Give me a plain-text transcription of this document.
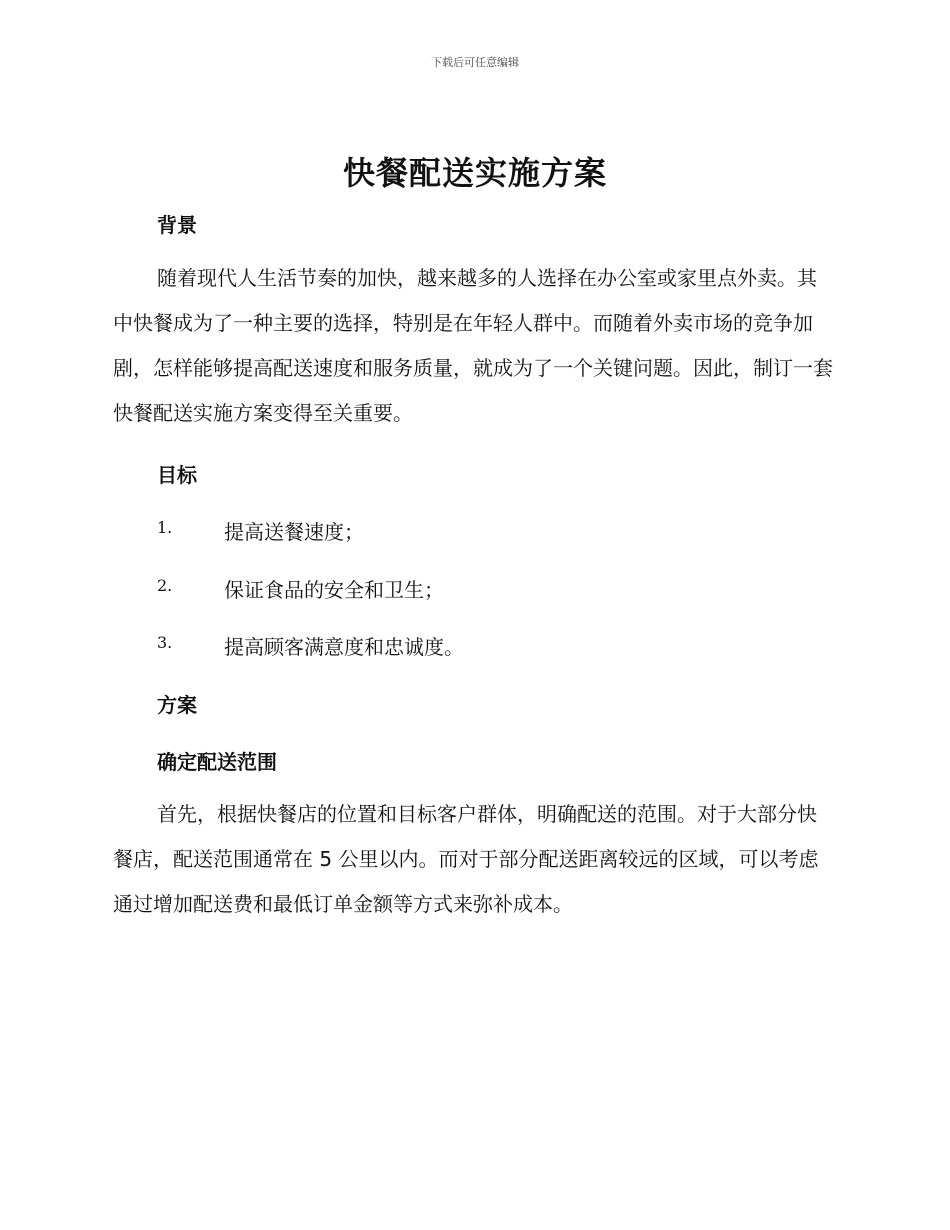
下载后可任意编辑
快餐配送实施方案
背景

随着现代人生活节奏的加快，越来越多的人选择在办公室或家里点外卖。其中快餐成为了一种主要的选择，特别是在年轻人群中。而随着外卖市场的竞争加剧，怎样能够提高配送速度和服务质量，就成为了一个关键问题。因此，制订一套快餐配送实施方案变得至关重要。

目标
1.	提高送餐速度；
2.	保证食品的安全和卫生；
3.	提高顾客满意度和忠诚度。
方案
确定配送范围

首先，根据快餐店的位置和目标客户群体，明确配送的范围。对于大部分快餐店，配送范围通常在 5 公里以内。而对于部分配送距离较远的区域，可以考虑通过增加配送费和最低订单金额等方式来弥补成本。
